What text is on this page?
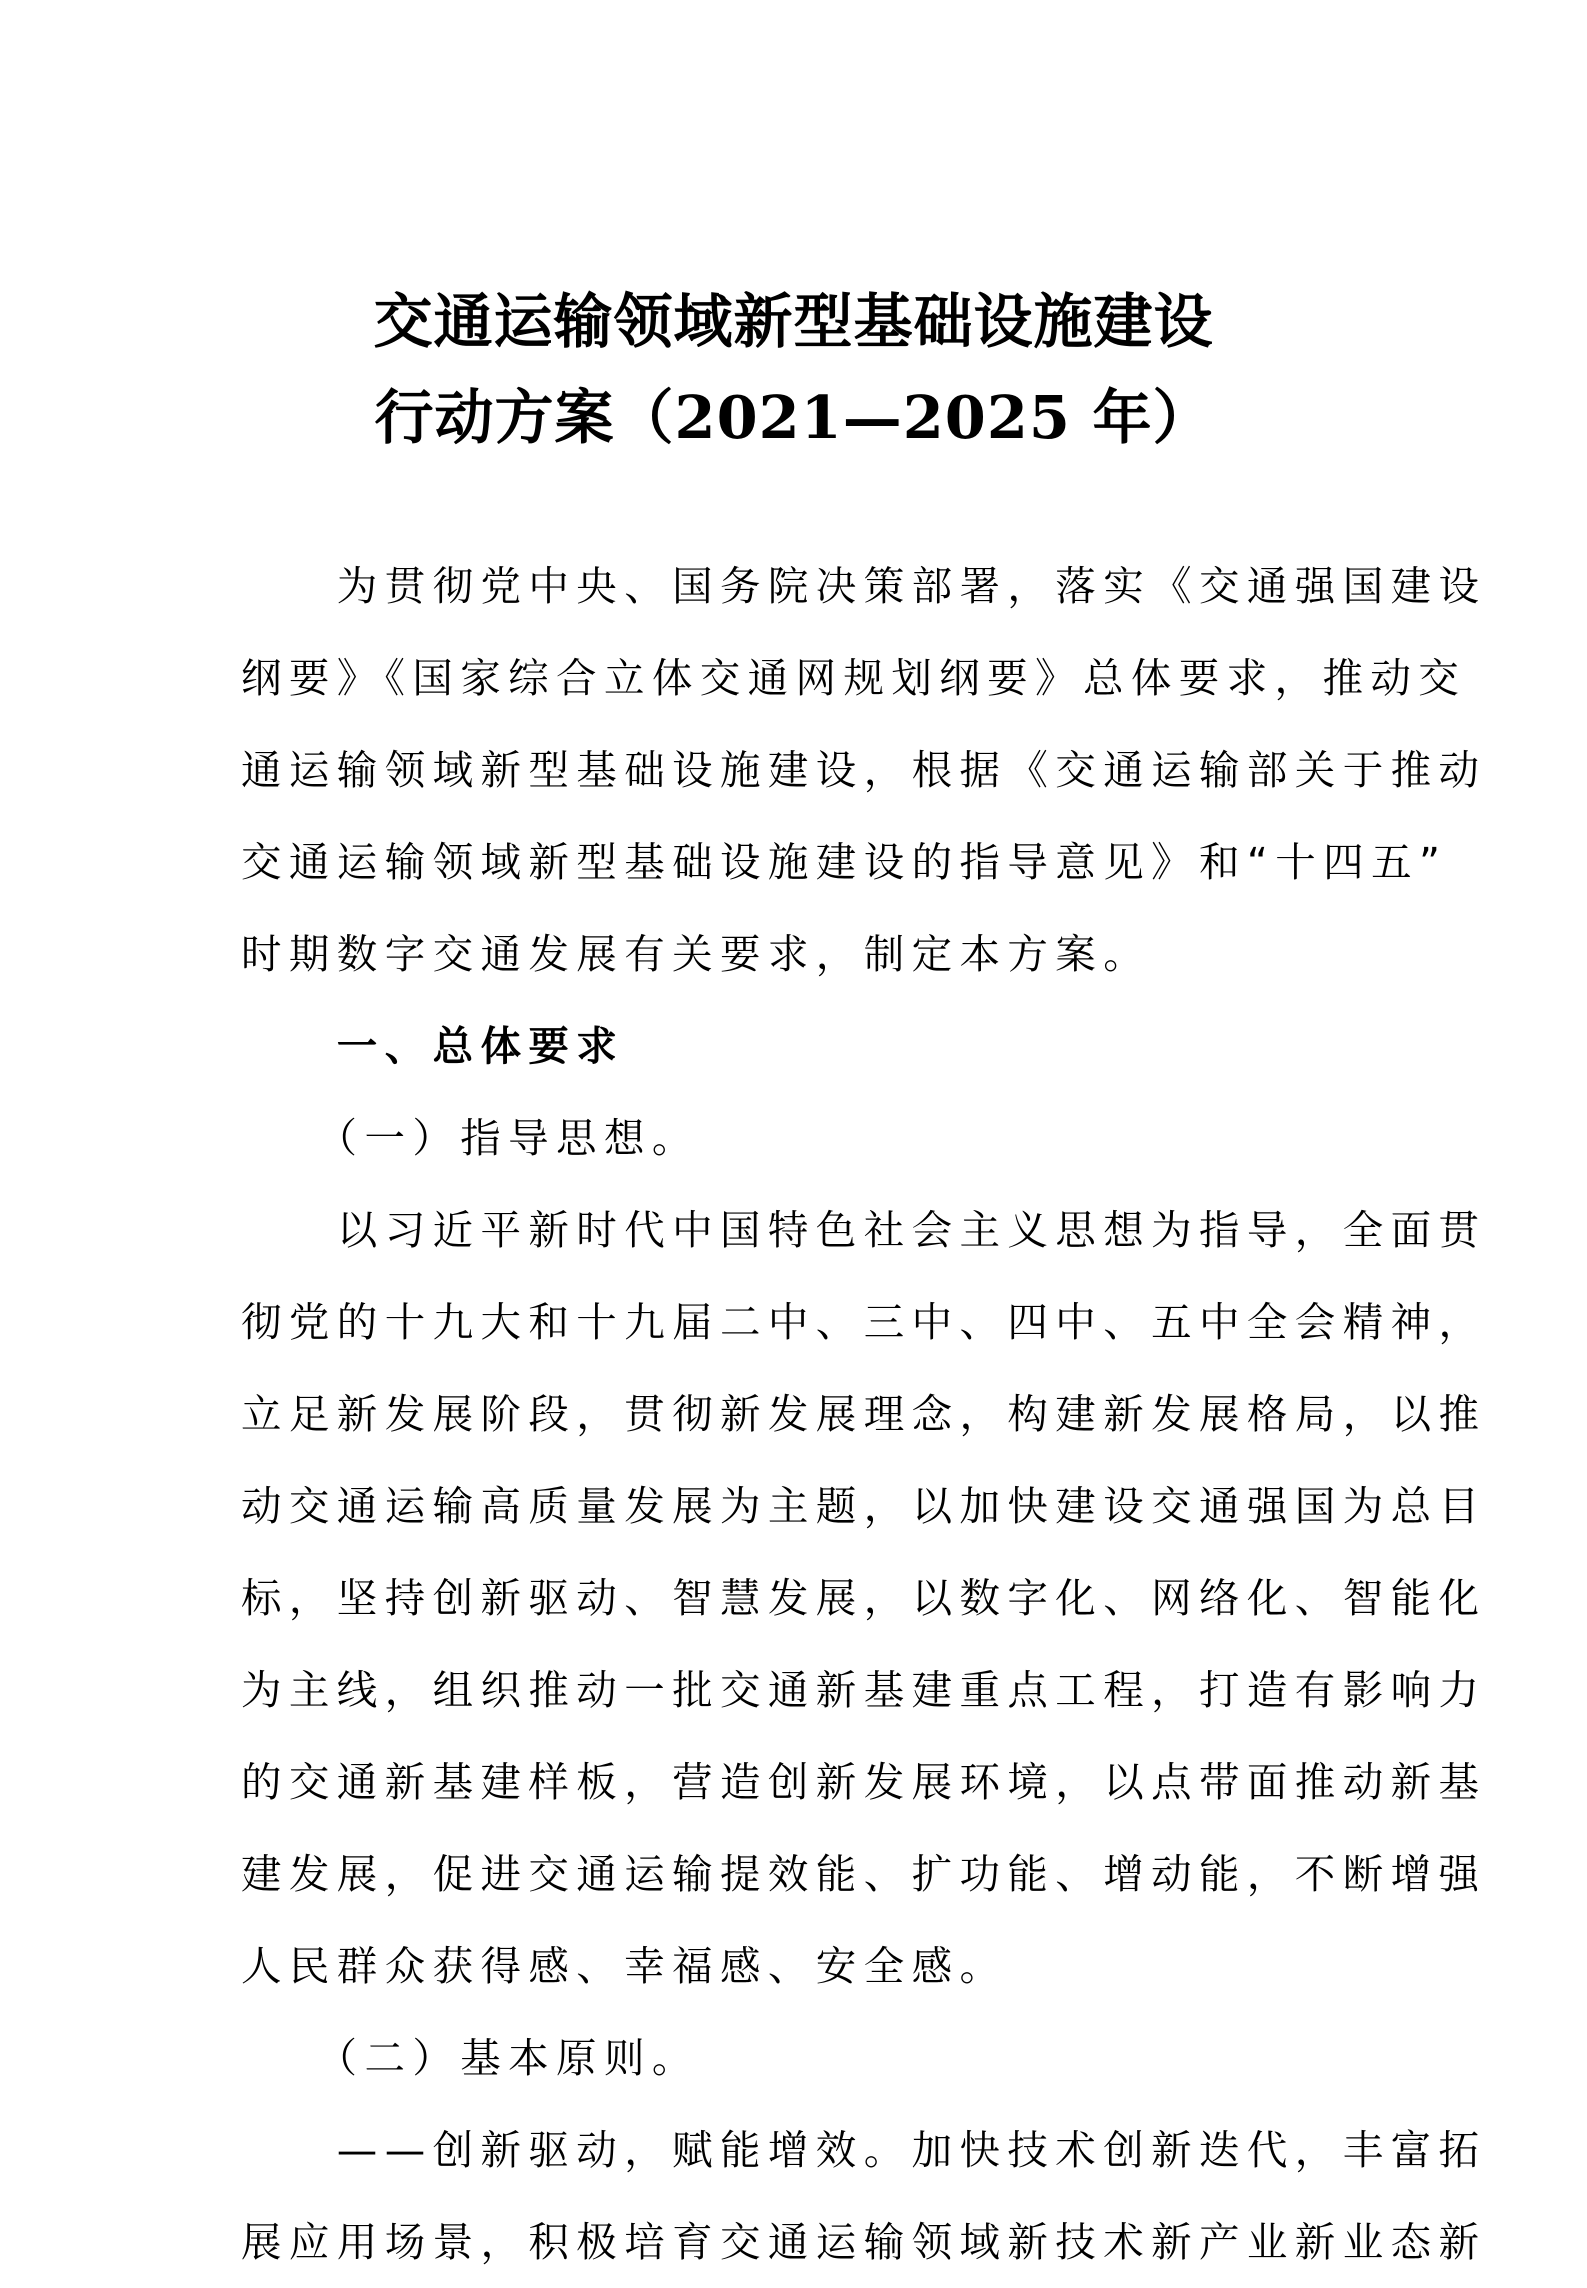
交通运输领域新型基础设施建设
行动方案（2021—2025 年）
　　为贯彻党中央、国务院决策部署，落实《交通强国建设
纲要》《国家综合立体交通网规划纲要》总体要求，推动交
通运输领域新型基础设施建设，根据《交通运输部关于推动
交通运输领域新型基础设施建设的指导意见》和“十四五”
时期数字交通发展有关要求，制定本方案。
　　一、总体要求
　　（一）指导思想。
　　以习近平新时代中国特色社会主义思想为指导，全面贯
彻党的十九大和十九届二中、三中、四中、五中全会精神，
立足新发展阶段，贯彻新发展理念，构建新发展格局，以推
动交通运输高质量发展为主题，以加快建设交通强国为总目
标，坚持创新驱动、智慧发展，以数字化、网络化、智能化
为主线，组织推动一批交通新基建重点工程，打造有影响力
的交通新基建样板，营造创新发展环境，以点带面推动新基
建发展，促进交通运输提效能、扩功能、增动能，不断增强
人民群众获得感、幸福感、安全感。
　　（二）基本原则。
　　——创新驱动，赋能增效。加快技术创新迭代，丰富拓
展应用场景，积极培育交通运输领域新技术新产业新业态新
